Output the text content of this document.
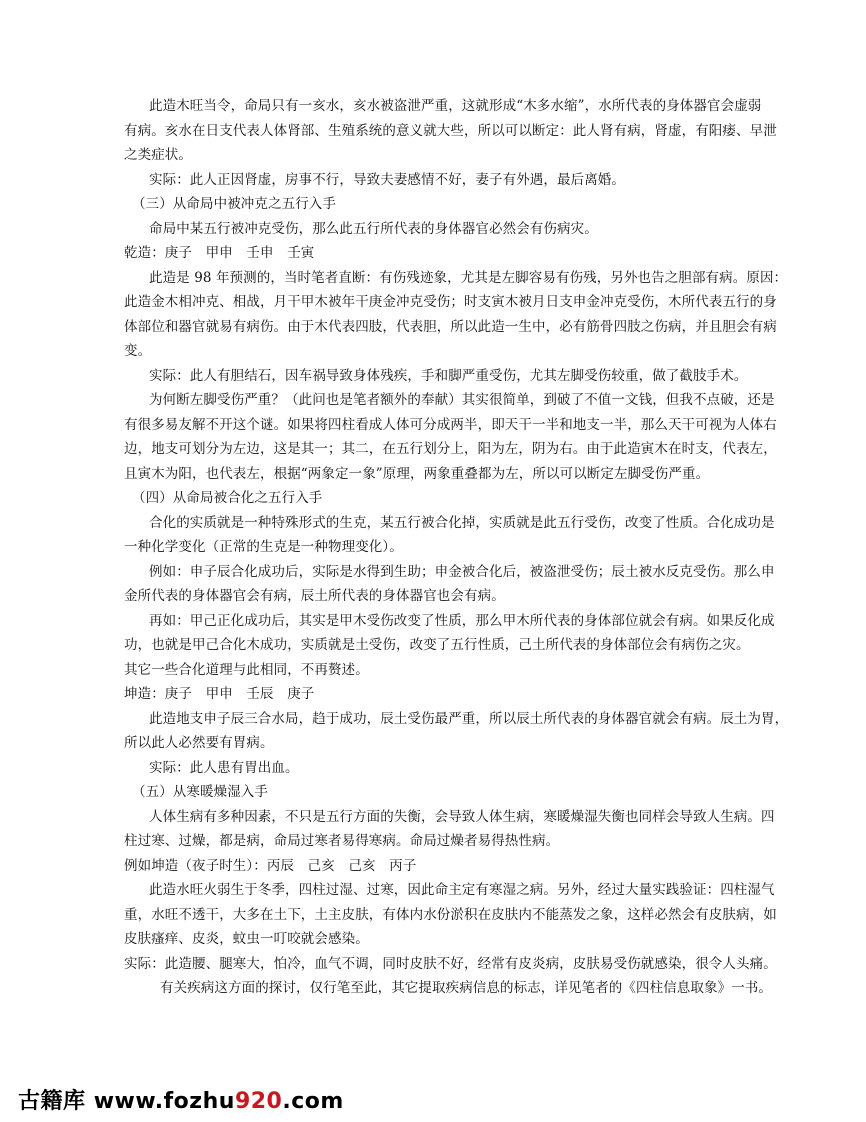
此造木旺当令，命局只有一亥水，亥水被盗泄严重，这就形成“木多水缩”，水所代表的身体器官会虚弱
有病。亥水在日支代表人体肾部、生殖系统的意义就大些，所以可以断定：此人肾有病，肾虚，有阳痿、早泄
之类症状。
实际：此人正因肾虚，房事不行，导致夫妻感情不好，妻子有外遇，最后离婚。
（三）从命局中被冲克之五行入手
命局中某五行被冲克受伤，那么此五行所代表的身体器官必然会有伤病灾。
乾造：庚子　甲申　壬申　壬寅
此造是 98 年预测的，当时笔者直断：有伤残迹象，尤其是左脚容易有伤残，另外也告之胆部有病。原因：
此造金木相冲克、相战，月干甲木被年干庚金冲克受伤；时支寅木被月日支申金冲克受伤，木所代表五行的身
体部位和器官就易有病伤。由于木代表四肢，代表胆，所以此造一生中，必有筋骨四肢之伤病，并且胆会有病
变。
实际：此人有胆结石，因车祸导致身体残疾，手和脚严重受伤，尤其左脚受伤较重，做了截肢手术。
为何断左脚受伤严重？（此问也是笔者额外的奉献）其实很简单，到破了不值一文钱，但我不点破，还是
有很多易友解不开这个谜。如果将四柱看成人体可分成两半，即天干一半和地支一半，那么天干可视为人体右
边，地支可划分为左边，这是其一；其二，在五行划分上，阳为左，阴为右。由于此造寅木在时支，代表左，
且寅木为阳，也代表左，根据“两象定一象”原理，两象重叠都为左，所以可以断定左脚受伤严重。
（四）从命局被合化之五行入手
合化的实质就是一种特殊形式的生克，某五行被合化掉，实质就是此五行受伤，改变了性质。合化成功是
一种化学变化（正常的生克是一种物理变化）。
例如：申子辰合化成功后，实际是水得到生助；申金被合化后，被盗泄受伤；辰土被水反克受伤。那么申
金所代表的身体器官会有病，辰土所代表的身体器官也会有病。
再如：甲己正化成功后，其实是甲木受伤改变了性质，那么甲木所代表的身体部位就会有病。如果反化成
功，也就是甲己合化木成功，实质就是土受伤，改变了五行性质，己土所代表的身体部位会有病伤之灾。
其它一些合化道理与此相同，不再赘述。
坤造：庚子　甲申　壬辰　庚子
此造地支申子辰三合水局，趋于成功，辰土受伤最严重，所以辰土所代表的身体器官就会有病。辰土为胃，
所以此人必然要有胃病。
实际：此人患有胃出血。
（五）从寒暖燥湿入手
人体生病有多种因素，不只是五行方面的失衡，会导致人体生病，寒暖燥湿失衡也同样会导致人生病。四
柱过寒、过燥，都是病，命局过寒者易得寒病。命局过燥者易得热性病。
例如坤造（夜子时生）：丙辰　己亥　己亥　丙子
此造水旺火弱生于冬季，四柱过湿、过寒，因此命主定有寒湿之病。另外，经过大量实践验证：四柱湿气
重，水旺不透干，大多在土下，土主皮肤，有体内水份淤积在皮肤内不能蒸发之象，这样必然会有皮肤病，如
皮肤瘙痒、皮炎，蚊虫一叮咬就会感染。
实际：此造腰、腿寒大，怕冷，血气不调，同时皮肤不好，经常有皮炎病，皮肤易受伤就感染，很令人头痛。
有关疾病这方面的探讨，仅行笔至此，其它提取疾病信息的标志，详见笔者的《四柱信息取象》一书。
古籍库 www.fozhu920.com
